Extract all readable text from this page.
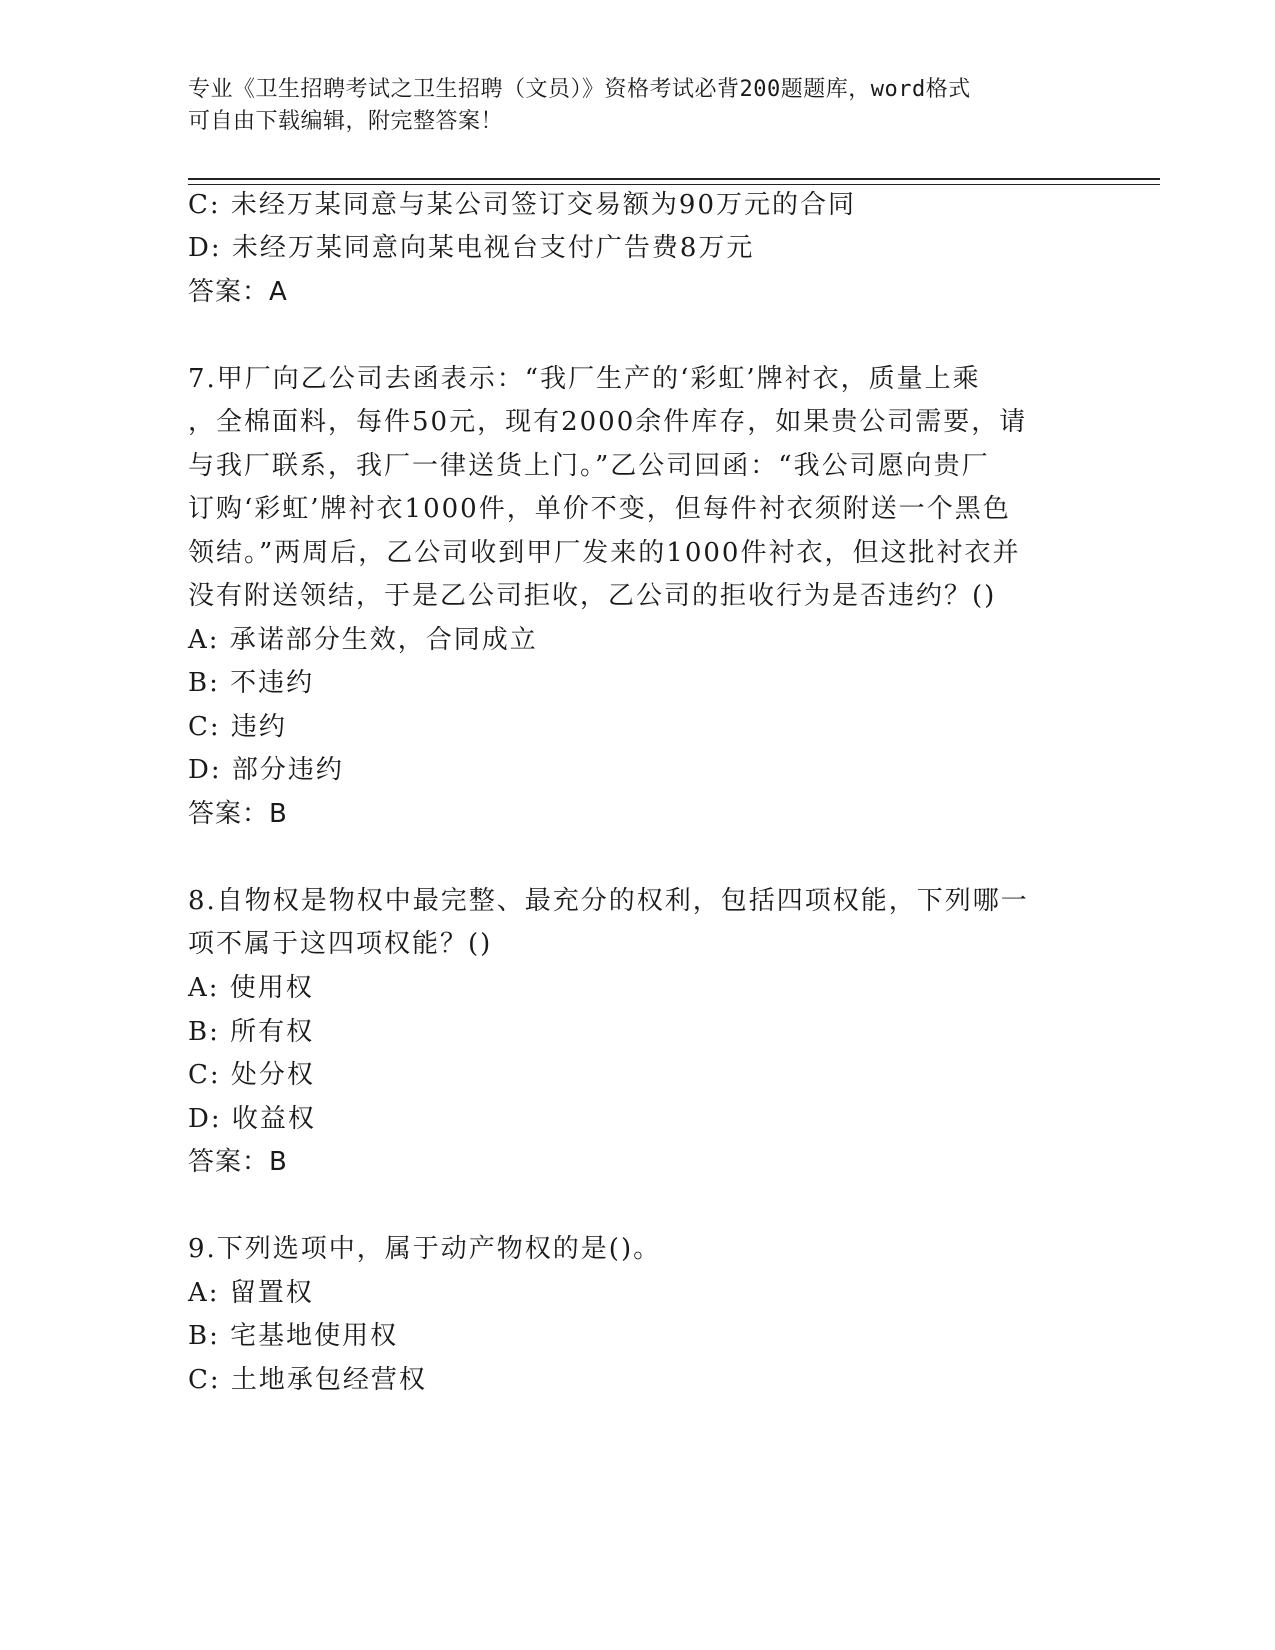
专业《卫生招聘考试之卫生招聘（文员）》资格考试必背200题题库，word格式
可自由下载编辑，附完整答案！
C: 未经万某同意与某公司签订交易额为90万元的合同
D: 未经万某同意向某电视台支付广告费8万元
答案：A
7.甲厂向乙公司去函表示：“我厂生产的‘彩虹’牌衬衣，质量上乘
，全棉面料，每件50元，现有2000余件库存，如果贵公司需要，请
与我厂联系，我厂一律送货上门。”乙公司回函：“我公司愿向贵厂
订购‘彩虹’牌衬衣1000件，单价不变，但每件衬衣须附送一个黑色
领结。”两周后，乙公司收到甲厂发来的1000件衬衣，但这批衬衣并
没有附送领结，于是乙公司拒收，乙公司的拒收行为是否违约？()
A: 承诺部分生效，合同成立
B: 不违约
C: 违约
D: 部分违约
答案：B
8.自物权是物权中最完整、最充分的权利，包括四项权能，下列哪一
项不属于这四项权能？()
A: 使用权
B: 所有权
C: 处分权
D: 收益权
答案：B
9.下列选项中，属于动产物权的是()。
A: 留置权
B: 宅基地使用权
C: 土地承包经营权
